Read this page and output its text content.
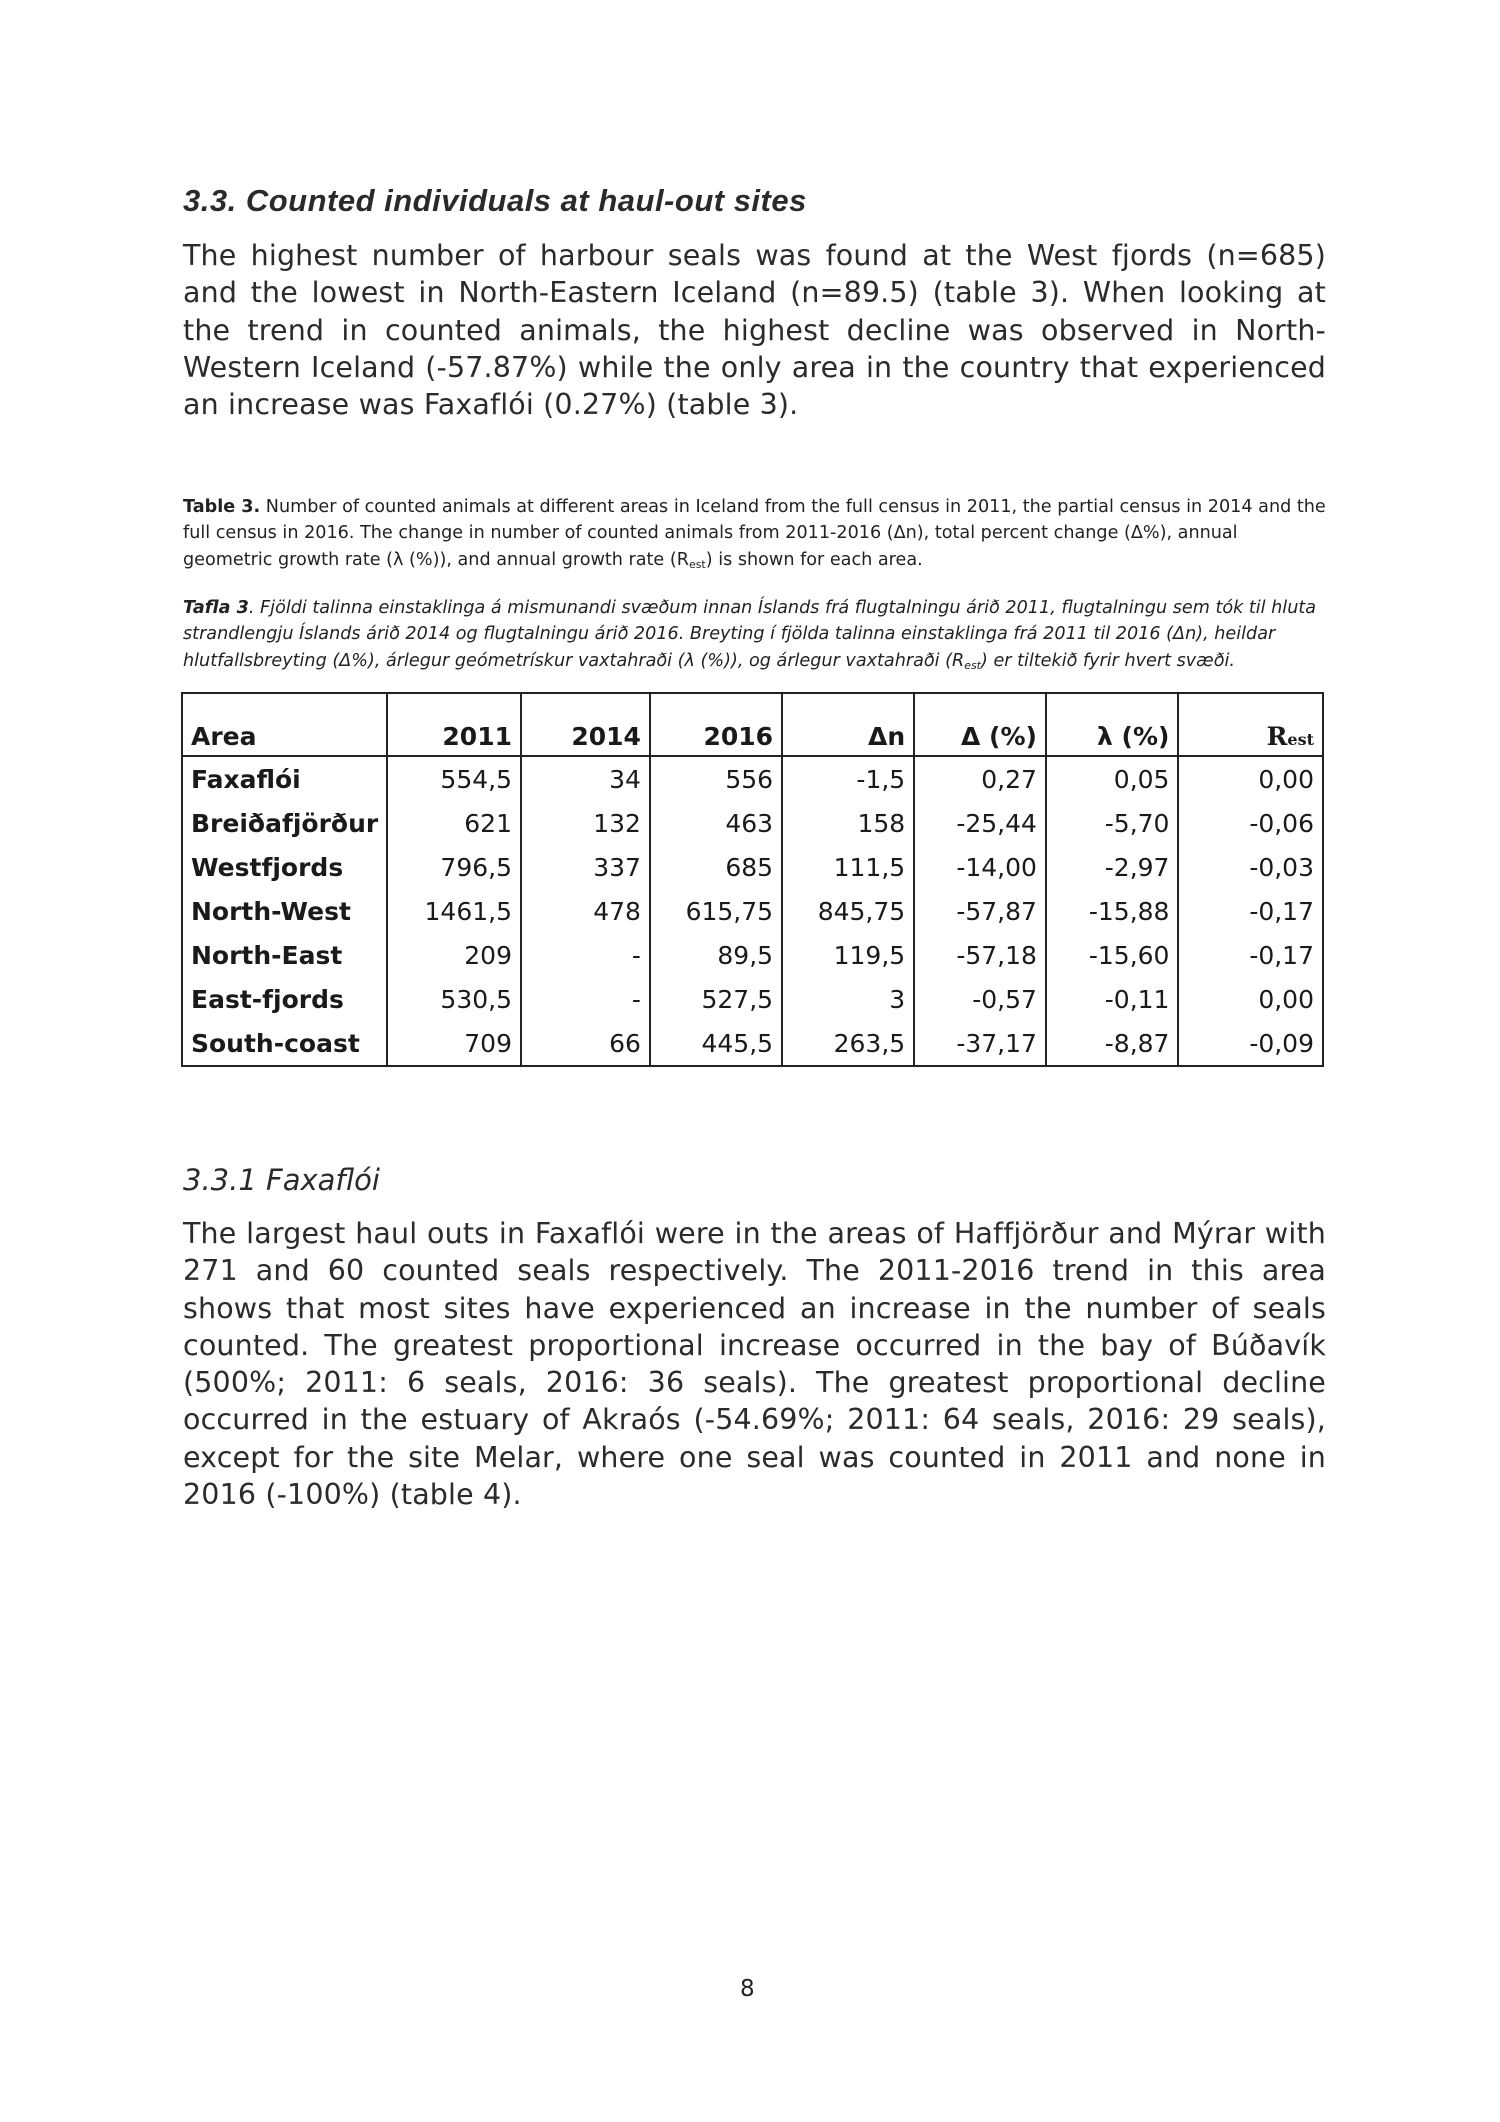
3.3. Counted individuals at haul-out sites

The highest number of harbour seals was found at the West fjords (n=685) and the lowest in North-Eastern Iceland (n=89.5) (table 3). When looking at the trend in counted animals, the highest decline was observed in North-Western Iceland (-57.87%) while the only area in the country that experienced an increase was Faxaflói (0.27%) (table 3).

Table 3. Number of counted animals at different areas in Iceland from the full census in 2011, the partial census in 2014 and the full census in 2016. The change in number of counted animals from 2011-2016 (Δn), total percent change (Δ%), annual geometric growth rate (λ (%)), and annual growth rate $(R_{est})$ is shown for each area.

Tafla 3. Fjöldi talinna einstaklinga á mismunandi svæðum innan Íslands frá flugtalningu árið 2011, flugtalningu sem tók til hluta strandlengju Íslands árið 2014 og flugtalningu árið 2016. Breyting í fjölda talinna einstaklinga frá 2011 til 2016 (Δn), heildar hlutfallsbreyting (Δ%), árlegur geómetrískur vaxtahraði (λ (%)), og árlegur vaxtahraði $(R_{est})$ er tiltekið fyrir hvert svæði.

Area	2011	2014	2016	Δn	Δ (%)	λ (%)	Rest
Faxaflói	554,5	34	556	-1,5	0,27	0,05	0,00
Breiðafjörður	621	132	463	158	-25,44	-5,70	-0,06
Westfjords	796,5	337	685	111,5	-14,00	-2,97	-0,03
North-West	1461,5	478	615,75	845,75	-57,87	-15,88	-0,17
North-East	209	-	89,5	119,5	-57,18	-15,60	-0,17
East-fjords	530,5	-	527,5	3	-0,57	-0,11	0,00
South-coast	709	66	445,5	263,5	-37,17	-8,87	-0,09
3.3.1 Faxaflói

The largest haul outs in Faxaflói were in the areas of Haffjörður and Mýrar with 271 and 60 counted seals respectively. The 2011-2016 trend in this area shows that most sites have experienced an increase in the number of seals counted. The greatest proportional increase occurred in the bay of Búðavík (500%; 2011: 6 seals, 2016: 36 seals). The greatest proportional decline occurred in the estuary of Akraós (-54.69%; 2011: 64 seals, 2016: 29 seals), except for the site Melar, where one seal was counted in 2011 and none in 2016 (-100%) (table 4).

8
